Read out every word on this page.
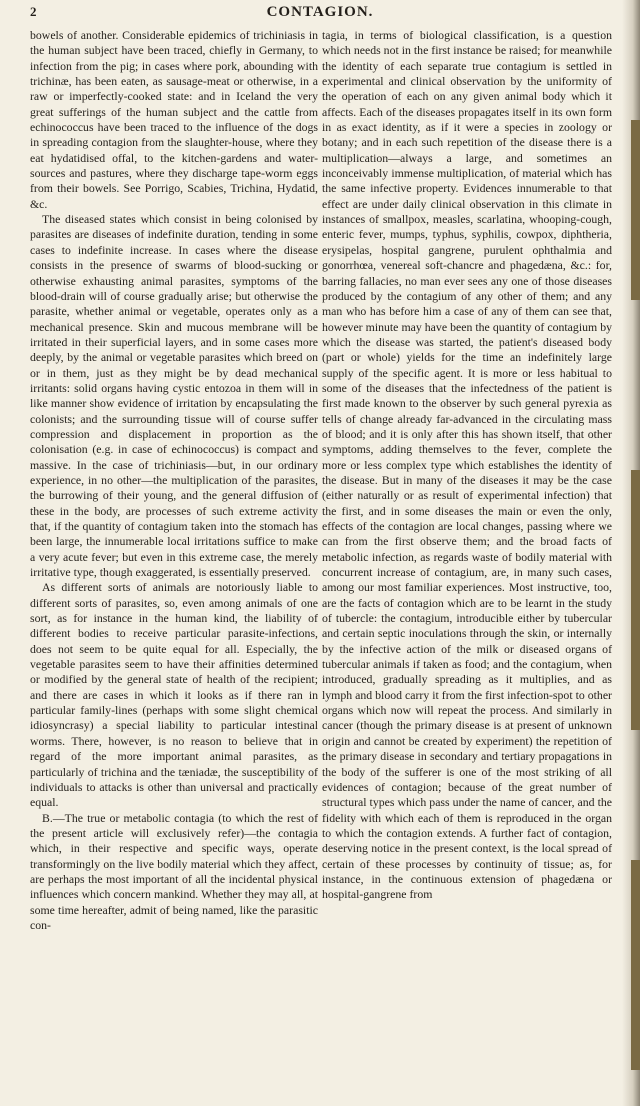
2	CONTAGION.

bowels of another. Considerable epidemics of trichiniasis in the human subject have been traced, chiefly in Germany, to infection from the pig; in cases where pork, abounding with trichinæ, has been eaten, as sausage-meat or otherwise, in a raw or imperfectly-cooked state: and in Iceland the very great sufferings of the human subject and the cattle from echinococcus have been traced to the influence of the dogs in spreading contagion from the slaughter-house, where they eat hydatidised offal, to the kitchen-gardens and water-sources and pastures, where they discharge tape-worm eggs from their bowels. See Porrigo, Scabies, Trichina, Hydatid, &c.

The diseased states which consist in being colonised by parasites are diseases of indefinite duration, tending in some cases to indefinite increase. In cases where the disease consists in the presence of swarms of blood-sucking or otherwise exhausting animal parasites, symptoms of the blood-drain will of course gradually arise; but otherwise the parasite, whether animal or vegetable, operates only as a mechanical presence. Skin and mucous membrane will be irritated in their superficial layers, and in some cases more deeply, by the animal or vegetable parasites which breed on or in them, just as they might be by dead mechanical irritants: solid organs having cystic entozoa in them will in like manner show evidence of irritation by encapsulating the colonists; and the surrounding tissue will of course suffer compression and displacement in proportion as the colonisation (e.g. in case of echinococcus) is compact and massive. In the case of trichiniasis—but, in our ordinary experience, in no other—the multiplication of the parasites, the burrowing of their young, and the general diffusion of these in the body, are processes of such extreme activity that, if the quantity of contagium taken into the stomach has been large, the innumerable local irritations suffice to make a very acute fever; but even in this extreme case, the merely irritative type, though exaggerated, is essentially preserved.

As different sorts of animals are notoriously liable to different sorts of parasites, so, even among animals of one sort, as for instance in the human kind, the liability of different bodies to receive particular parasite-infections, does not seem to be quite equal for all. Especially, the vegetable parasites seem to have their affinities determined or modified by the general state of health of the recipient; and there are cases in which it looks as if there ran in particular family-lines (perhaps with some slight chemical idiosyncrasy) a special liability to particular intestinal worms. There, however, is no reason to believe that in regard of the more important animal parasites, as particularly of trichina and the tæniadæ, the susceptibility of individuals to attacks is other than universal and practically equal.

B.—The true or metabolic contagia (to which the rest of the present article will exclusively refer)—the contagia which, in their respective and specific ways, operate transformingly on the live bodily material which they affect, are perhaps the most important of all the incidental physical influences which concern mankind. Whether they may all, at some time hereafter, admit of being named, like the parasitic con-

tagia, in terms of biological classification, is a question which needs not in the first instance be raised; for meanwhile the identity of each separate true contagium is settled in experimental and clinical observation by the uniformity of the operation of each on any given animal body which it affects. Each of the diseases propagates itself in its own form in as exact identity, as if it were a species in zoology or botany; and in each such repetition of the disease there is a multiplication—always a large, and sometimes an inconceivably immense multiplication, of material which has the same infective property. Evidences innumerable to that effect are under daily clinical observation in this climate in instances of smallpox, measles, scarlatina, whooping-cough, enteric fever, mumps, typhus, syphilis, cowpox, diphtheria, erysipelas, hospital gangrene, purulent ophthalmia and gonorrhœa, venereal soft-chancre and phagedæna, &c.: for, barring fallacies, no man ever sees any one of those diseases produced by the contagium of any other of them; and any man who has before him a case of any of them can see that, however minute may have been the quantity of contagium by which the disease was started, the patient's diseased body (part or whole) yields for the time an indefinitely large supply of the specific agent. It is more or less habitual to some of the diseases that the infectedness of the patient is first made known to the observer by such general pyrexia as tells of change already far-advanced in the circulating mass of blood; and it is only after this has shown itself, that other symptoms, adding themselves to the fever, complete the more or less complex type which establishes the identity of the disease. But in many of the diseases it may be the case (either naturally or as result of experimental infection) that the first, and in some diseases the main or even the only, effects of the contagion are local changes, passing where we can from the first observe them; and the broad facts of metabolic infection, as regards waste of bodily material with concurrent increase of contagium, are, in many such cases, among our most familiar experiences. Most instructive, too, are the facts of contagion which are to be learnt in the study of tubercle: the contagium, introducible either by tubercular and certain septic inoculations through the skin, or internally by the infective action of the milk or diseased organs of tubercular animals if taken as food; and the contagium, when introduced, gradually spreading as it multiplies, and as lymph and blood carry it from the first infection-spot to other organs which now will repeat the process. And similarly in cancer (though the primary disease is at present of unknown origin and cannot be created by experiment) the repetition of the primary disease in secondary and tertiary propagations in the body of the sufferer is one of the most striking of all evidences of contagion; because of the great number of structural types which pass under the name of cancer, and the fidelity with which each of them is reproduced in the organ to which the contagion extends. A further fact of contagion, deserving notice in the present context, is the local spread of certain of these processes by continuity of tissue; as, for instance, in the continuous extension of phagedæna or hospital-gangrene from
